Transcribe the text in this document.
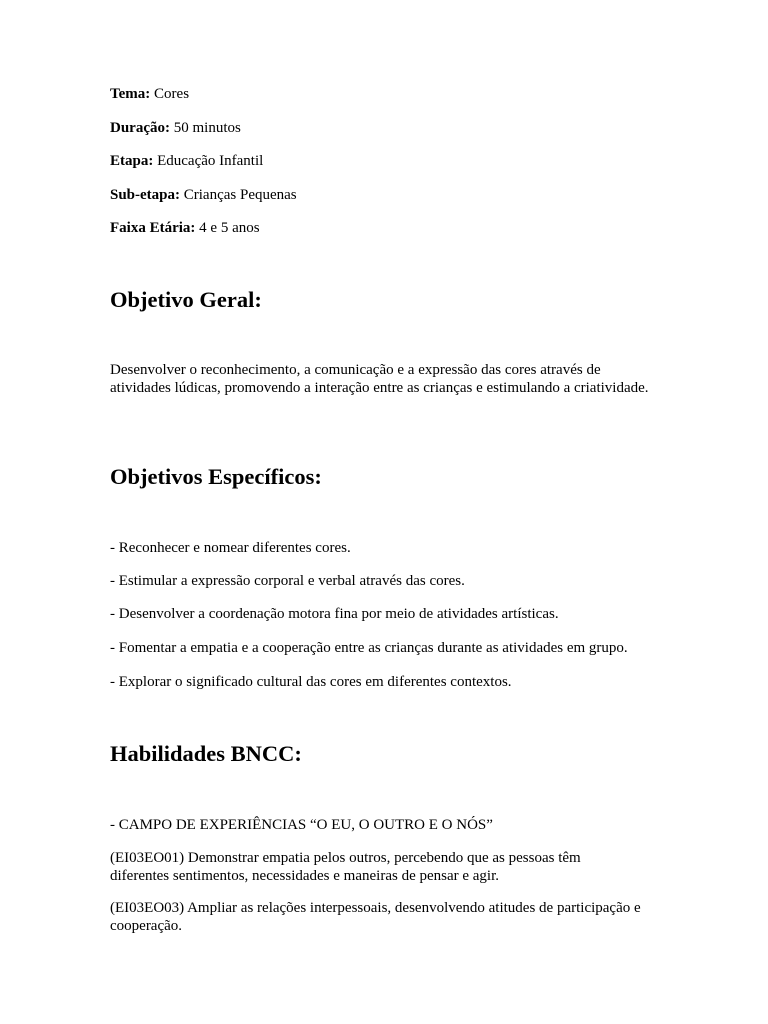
Tema: Cores
Duração: 50 minutos
Etapa: Educação Infantil
Sub-etapa: Crianças Pequenas
Faixa Etária: 4 e 5 anos
Objetivo Geral:
Desenvolver o reconhecimento, a comunicação e a expressão das cores através de atividades lúdicas, promovendo a interação entre as crianças e estimulando a criatividade.
Objetivos Específicos:
- Reconhecer e nomear diferentes cores.
- Estimular a expressão corporal e verbal através das cores.
- Desenvolver a coordenação motora fina por meio de atividades artísticas.
- Fomentar a empatia e a cooperação entre as crianças durante as atividades em grupo.
- Explorar o significado cultural das cores em diferentes contextos.
Habilidades BNCC:
- CAMPO DE EXPERIÊNCIAS “O EU, O OUTRO E O NÓS”
(EI03EO01) Demonstrar empatia pelos outros, percebendo que as pessoas têm diferentes sentimentos, necessidades e maneiras de pensar e agir.
(EI03EO03) Ampliar as relações interpessoais, desenvolvendo atitudes de participação e cooperação.
